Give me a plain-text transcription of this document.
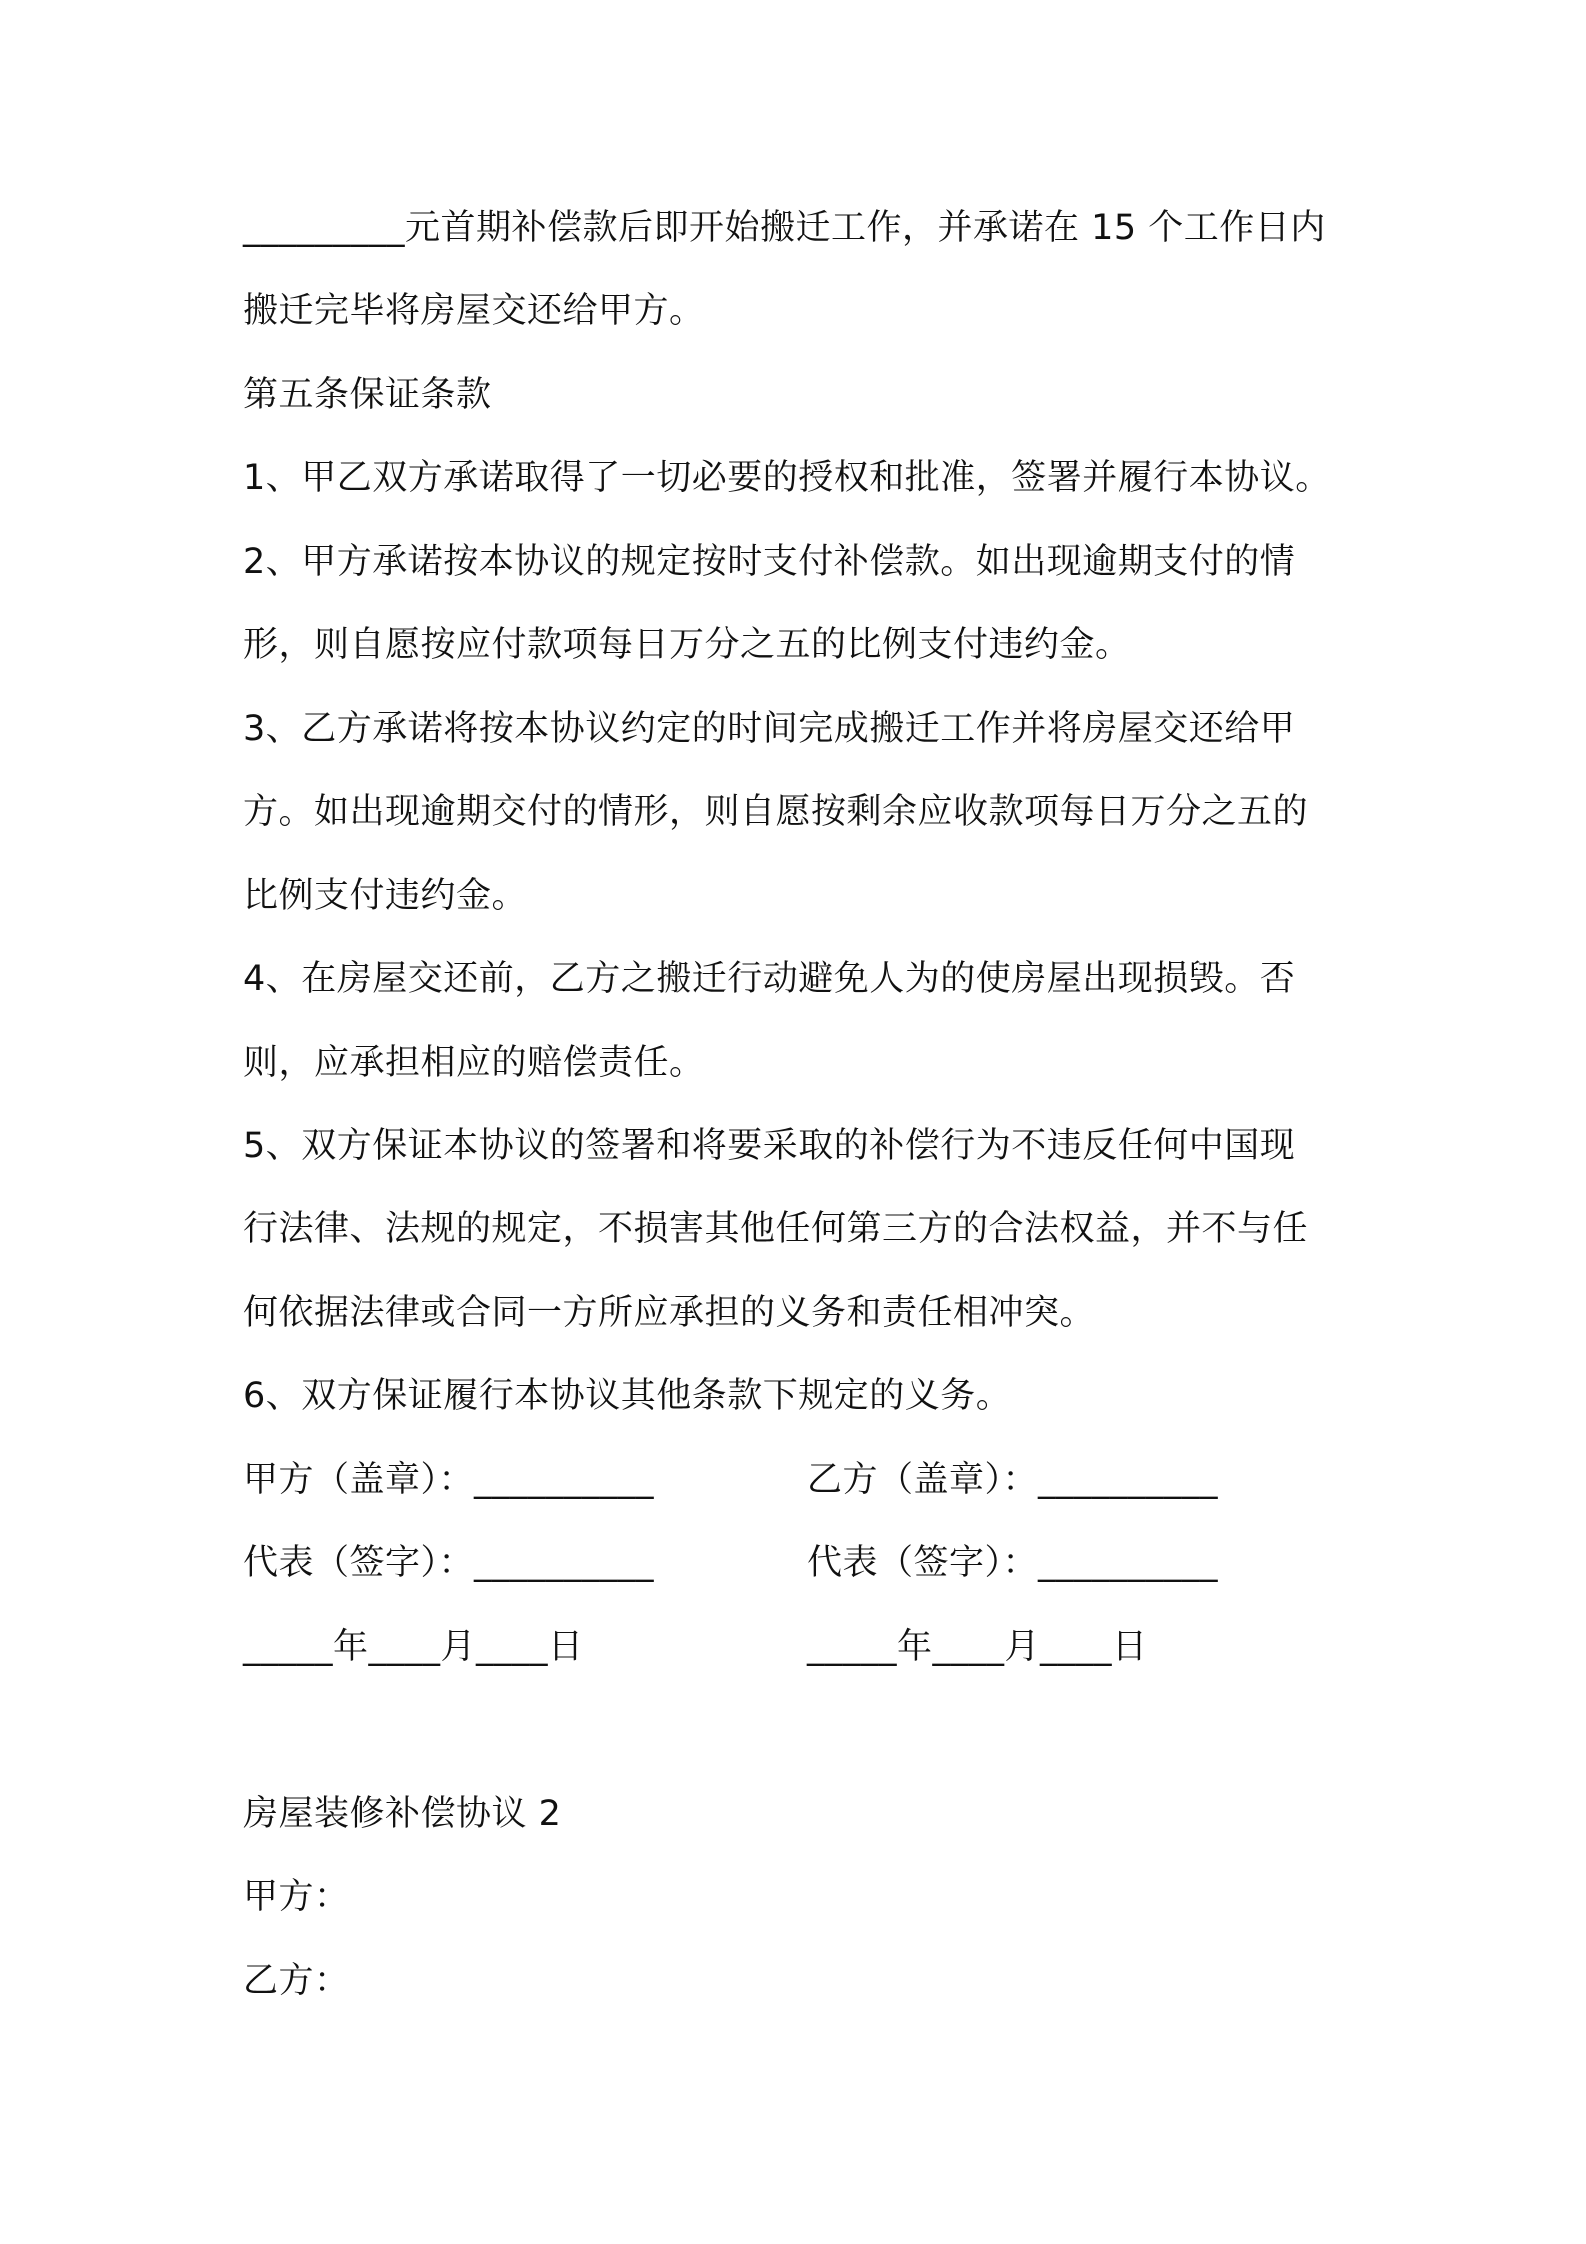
_________元首期补偿款后即开始搬迁工作，并承诺在 15 个工作日内
搬迁完毕将房屋交还给甲方。
第五条保证条款
1、甲乙双方承诺取得了一切必要的授权和批准，签署并履行本协议。
2、甲方承诺按本协议的规定按时支付补偿款。如出现逾期支付的情
形，则自愿按应付款项每日万分之五的比例支付违约金。
3、乙方承诺将按本协议约定的时间完成搬迁工作并将房屋交还给甲
方。如出现逾期交付的情形，则自愿按剩余应收款项每日万分之五的
比例支付违约金。
4、在房屋交还前，乙方之搬迁行动避免人为的使房屋出现损毁。否
则，应承担相应的赔偿责任。
5、双方保证本协议的签署和将要采取的补偿行为不违反任何中国现
行法律、法规的规定，不损害其他任何第三方的合法权益，并不与任
何依据法律或合同一方所应承担的义务和责任相冲突。
6、双方保证履行本协议其他条款下规定的义务。
甲方（盖章）：__________	乙方（盖章）：__________
代表（签字）：__________	代表（签字）：__________
_____年____月____日	_____年____月____日
房屋装修补偿协议 2
甲方：
乙方：
